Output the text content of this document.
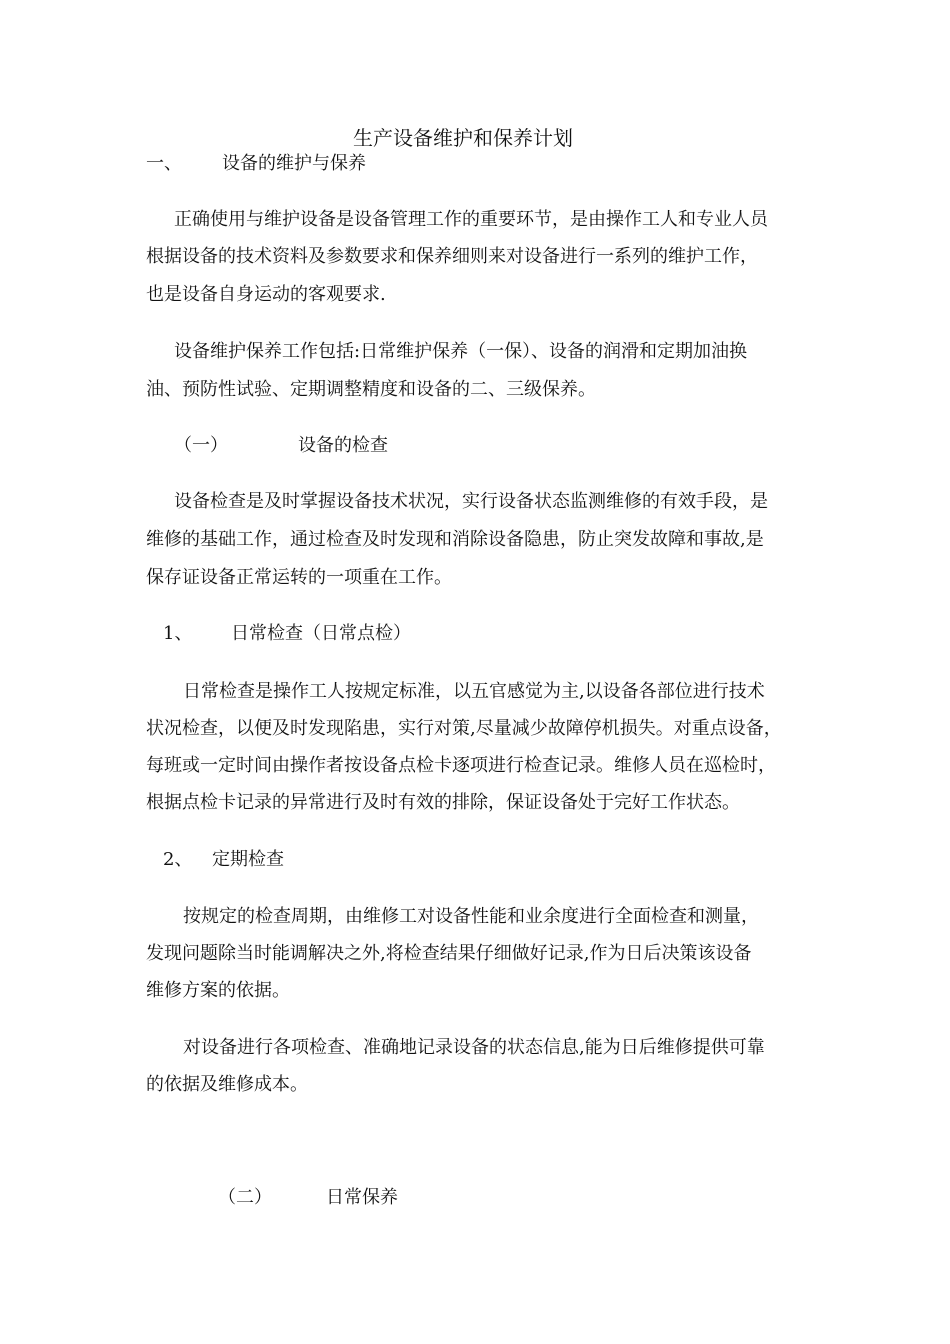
生产设备维护和保养计划
一、 设备的维护与保养
正确使用与维护设备是设备管理工作的重要环节，是由操作工人和专业人员
根据设备的技术资料及参数要求和保养细则来对设备进行一系列的维护工作，
也是设备自身运动的客观要求.
设备维护保养工作包括:日常维护保养（一保）、设备的润滑和定期加油换
油、预防性试验、定期调整精度和设备的二、三级保养。
（一）	设备的检查
设备检查是及时掌握设备技术状况，实行设备状态监测维修的有效手段，是
维修的基础工作，通过检查及时发现和消除设备隐患，防止突发故障和事故,是
保存证设备正常运转的一项重在工作。
1、 日常检查（日常点检）
日常检查是操作工人按规定标准，以五官感觉为主,以设备各部位进行技术
状况检查，以便及时发现陷患，实行对策,尽量减少故障停机损失。对重点设备，
每班或一定时间由操作者按设备点检卡逐项进行检查记录。维修人员在巡检时，
根据点检卡记录的异常进行及时有效的排除，保证设备处于完好工作状态。
2、 定期检查
按规定的检查周期，由维修工对设备性能和业余度进行全面检查和测量，
发现问题除当时能调解决之外,将检查结果仔细做好记录,作为日后决策该设备
维修方案的依据。
对设备进行各项检查、准确地记录设备的状态信息,能为日后维修提供可靠
的依据及维修成本。
（二）	日常保养
